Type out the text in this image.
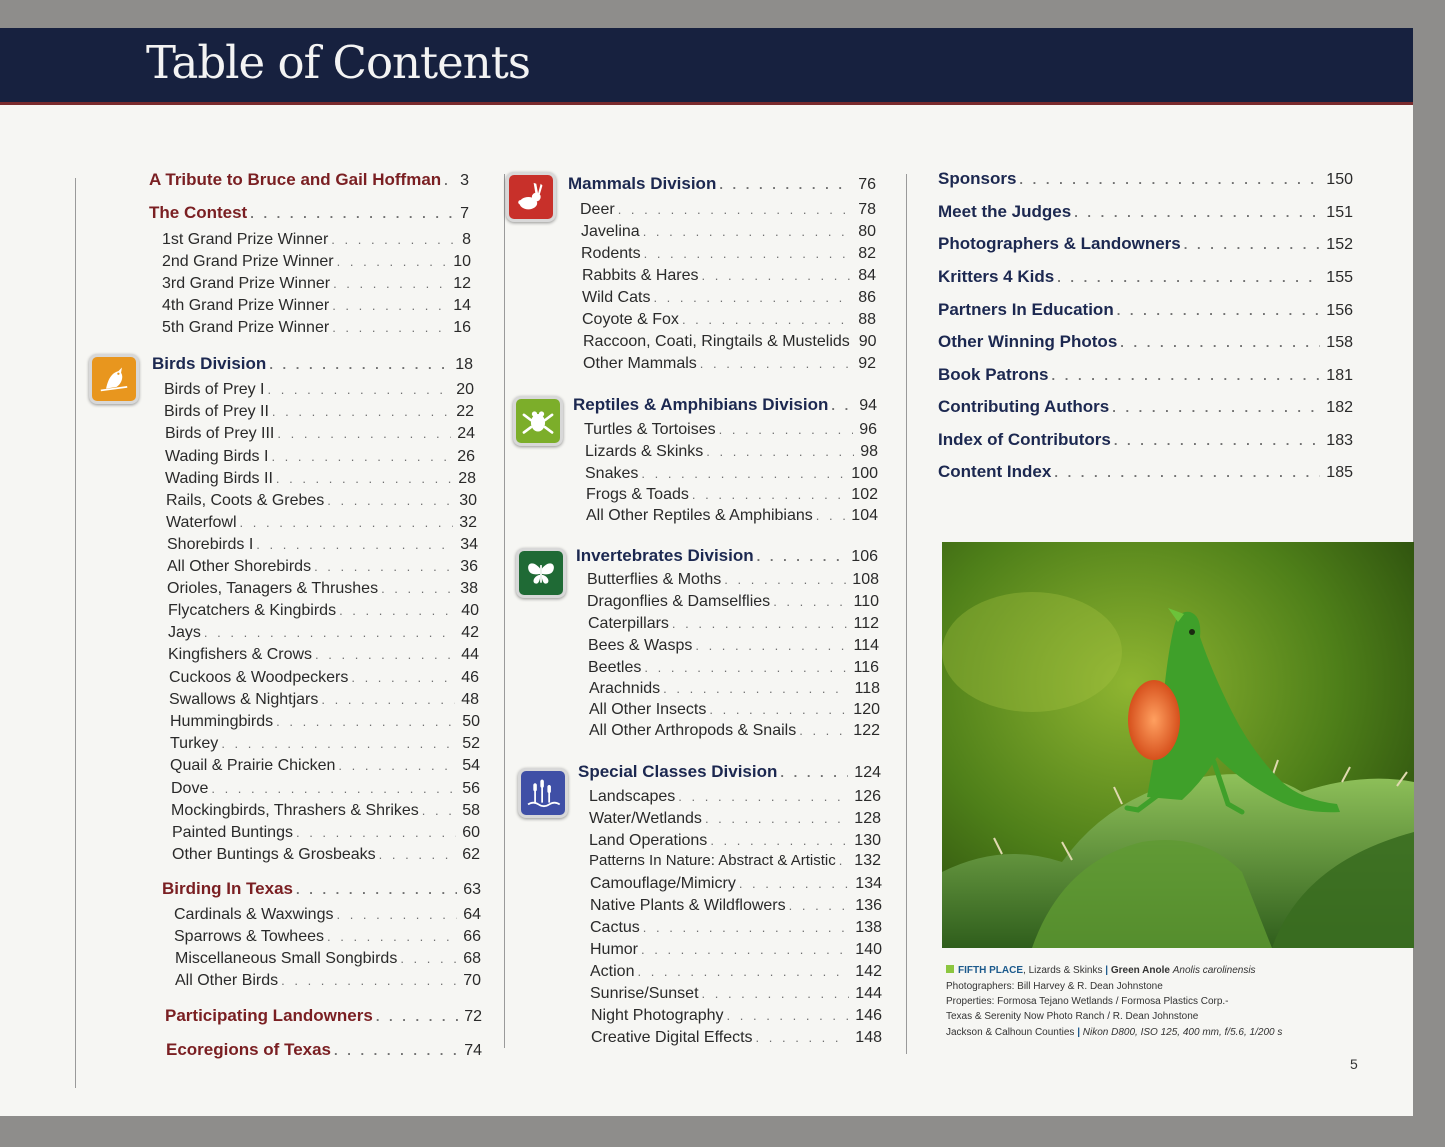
Table of Contents
A Tribute to Bruce and Gail Hoffman . . . 3
The Contest . . .	7
1st Grand Prize Winner . . .	8
2nd Grand Prize Winner . . .	10
3rd Grand Prize Winner . . .	12
4th Grand Prize Winner . . .	14
5th Grand Prize Winner . . .	16
Birds Division . . .	18
Birds of Prey I . . .	20
Birds of Prey II . . .	22
Birds of Prey III . . .	24
Wading Birds I . . .	26
Wading Birds II . . .	28
Rails, Coots & Grebes . . .	30
Waterfowl . . .	32
Shorebirds I . . .	34
All Other Shorebirds . . .	36
Orioles, Tanagers & Thrushes . . .	38
Flycatchers & Kingbirds . . .	40
Jays . . .	42
Kingfishers & Crows . . .	44
Cuckoos & Woodpeckers . . .	46
Swallows & Nightjars . . .	48
Hummingbirds . . .	50
Turkey . . .	52
Quail & Prairie Chicken . . .	54
Dove . . .	56
Mockingbirds, Thrashers & Shrikes . . .	58
Painted Buntings . . .	60
Other Buntings & Grosbeaks . . .	62
Birding In Texas . . .	63
Cardinals & Waxwings . . .	64
Sparrows & Towhees . . .	66
Miscellaneous Small Songbirds . . .	68
All Other Birds . . .	70
Participating Landowners . . .	72
Ecoregions of Texas . . .	74
Mammals Division . . .	76
Deer . . .	78
Javelina . . .	80
Rodents . . .	82
Rabbits & Hares . . .	84
Wild Cats . . .	86
Coyote & Fox . . .	88
Raccoon, Coati, Ringtails & Mustelids 90
Other Mammals . . .	92
Reptiles & Amphibians Division . . . 94
Turtles & Tortoises . . .	96
Lizards & Skinks . . .	98
Snakes . . .	100
Frogs & Toads . . .	102
All Other Reptiles & Amphibians . . . 104
Invertebrates Division . . .	106
Butterflies & Moths . . .	108
Dragonflies & Damselflies . . .	110
Caterpillars . . .	112
Bees & Wasps . . .	114
Beetles . . .	116
Arachnids . . .	118
All Other Insects . . .	120
All Other Arthropods & Snails . . .	122
Special Classes Division . . .	124
Landscapes . . .	126
Water/Wetlands . . .	128
Land Operations . . .	130
Patterns In Nature: Abstract & Artistic . . . 132
Camouflage/Mimicry . . .	134
Native Plants & Wildflowers . . .	136
Cactus . . .	138
Humor . . .	140
Action . . .	142
Sunrise/Sunset . . .	144
Night Photography . . .	146
Creative Digital Effects . . .	148
Sponsors . . .	150
Meet the Judges . . .	151
Photographers & Landowners . . .	152
Kritters 4 Kids . . .	155
Partners In Education . . .	156
Other Winning Photos . . .	158
Book Patrons . . .	181
Contributing Authors . . .	182
Index of Contributors . . .	183
Content Index . . .	185
FIFTH PLACE, Lizards & Skinks | Green Anole Anolis carolinensis
Photographers: Bill Harvey & R. Dean Johnstone
Properties: Formosa Tejano Wetlands / Formosa Plastics Corp.-
Texas & Serenity Now Photo Ranch / R. Dean Johnstone
Jackson & Calhoun Counties | Nikon D800, ISO 125, 400 mm, f/5.6, 1/200 s
5
